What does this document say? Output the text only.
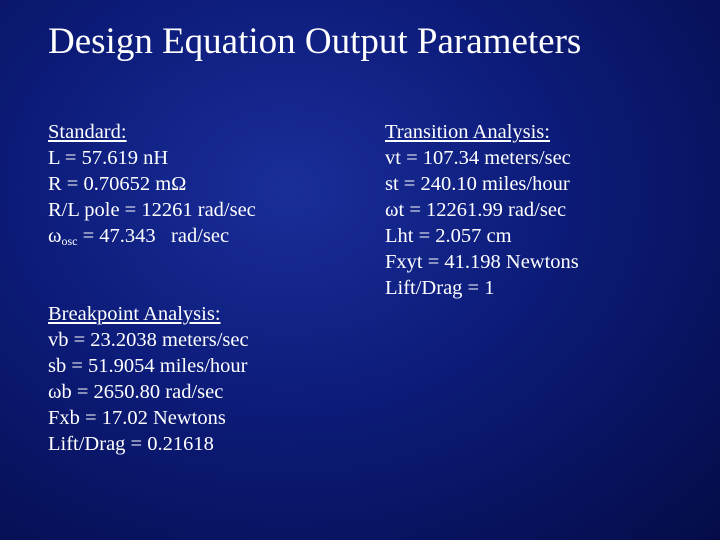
Design Equation Output Parameters
Standard:
L = 57.619 nH
R = 0.70652 mΩ
R/L pole = 12261 rad/sec
$\omega_{osc} = 47.343$   rad/sec
Breakpoint Analysis:
vb = 23.2038 meters/sec
sb = 51.9054 miles/hour
ωb = 2650.80 rad/sec
Fxb = 17.02 Newtons
Lift/Drag = 0.21618
Transition Analysis:
vt = 107.34 meters/sec
st = 240.10 miles/hour
ωt = 12261.99 rad/sec
Lht = 2.057 cm
Fxyt = 41.198 Newtons
Lift/Drag = 1
